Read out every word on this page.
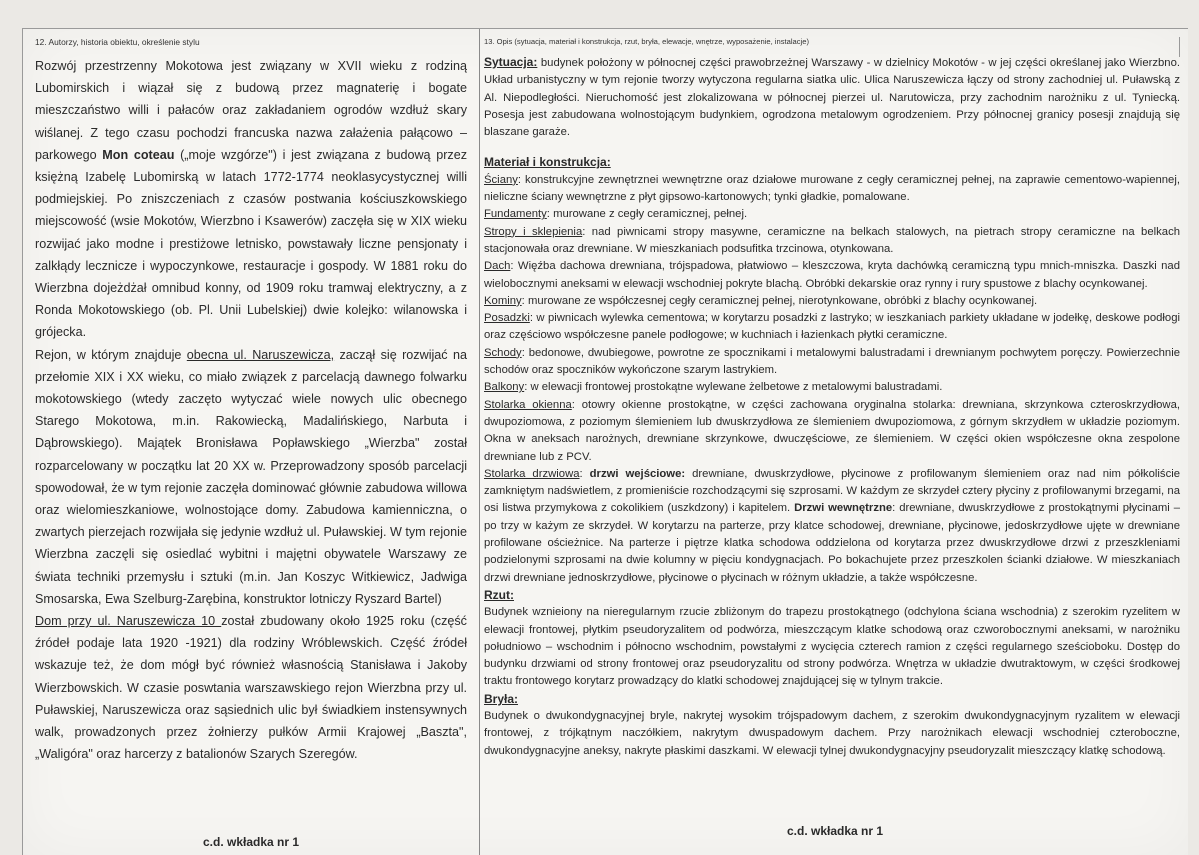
12. Autorzy, historia obiektu, określenie stylu

Rozwój przestrzenny Mokotowa jest związany w XVII wieku z rodziną Lubomirskich i wiązał się z budową przez magnaterię i bogate mieszczaństwo willi i pałaców oraz zakładaniem ogrodów wzdłuż skary wiślanej. Z tego czasu pochodzi francuska nazwa załażenia pałącowo – parkowego Mon coteau („moje wzgórze") i jest związana z budową przez księżną Izabelę Lubomirską w latach 1772-1774 neoklasycystycznej willi podmiejskiej. Po zniszczeniach z czasów postwania kościuszkowskiego miejscowość (wsie Mokotów, Wierzbno i Ksawerów) zaczęła się w XIX wieku rozwijać jako modne i prestiżowe letnisko, powstawały liczne pensjonaty i zalkłądy lecznicze i wypoczynkowe, restauracje i gospody. W 1881 roku do Wierzbna dojeżdżał omnibud konny, od 1909 roku tramwaj elektryczny, a z Ronda Mokotowskiego (ob. Pl. Unii Lubelskiej) dwie kolejko: wilanowska i grójecka.

Rejon, w którym znajduje obecna ul. Naruszewicza, zaczął się rozwijać na przełomie XIX i XX wieku, co miało związek z parcelacją dawnego folwarku mokotowskiego (wtedy zaczęto wytyczać wiele nowych ulic obecnego Starego Mokotowa, m.in. Rakowiecką, Madalińskiego, Narbuta i Dąbrowskiego). Majątek Bronisława Popławskiego „Wierzba" został rozparcelowany w początku lat 20 XX w. Przeprowadzony sposób parcelacji spowodował, że w tym rejonie zaczęła dominować głównie zabudowa willowa oraz wielomieszkaniowe, wolnostojące domy. Zabudowa kamienniczna, o zwartych pierzejach rozwijała się jedynie wzdłuż ul. Puławskiej. W tym rejonie Wierzbna zaczęli się osiedlać wybitni i majętni obywatele Warszawy ze świata techniki przemysłu i sztuki (m.in. Jan Koszyc Witkiewicz, Jadwiga Smosarska, Ewa Szelburg-Zarębina, konstruktor lotniczy Ryszard Bartel)

Dom przy ul. Naruszewicza 10 został zbudowany około 1925 roku (część źródeł podaje lata 1920 -1921) dla rodziny Wróblewskich. Część źródeł wskazuje też, że dom mógł być również własnością Stanisława i Jakoby Wierzbowskich. W czasie poswtania warszawskiego rejon Wierzbna przy ul. Puławskiej, Naruszewicza oraz sąsiednich ulic był świadkiem instensywnych walk, prowadzonych przez żołnierzy pułków Armii Krajowej „Baszta", „Waligóra" oraz harcerzy z batalionów Szarych Szeregów.

c.d. wkładka nr 1
13. Opis (sytuacja, materiał i konstrukcja, rzut, bryła, elewacje, wnętrze, wyposażenie, instalacje)

Sytuacja: budynek położony w północnej części prawobrzeżnej Warszawy - w dzielnicy Mokotów - w jej części określanej jako Wierzbno. Układ urbanistyczny w tym rejonie tworzy wytyczona regularna siatka ulic. Ulica Naruszewicza łączy od strony zachodniej ul. Puławską z Al. Niepodległości. Nieruchomość jest zlokalizowana w północnej pierzei ul. Narutowicza, przy zachodnim narożniku z ul. Tyniecką. Posesja jest zabudowana wolnostojącym budynkiem, ogrodzona metalowym ogrodzeniem. Przy północnej granicy posesji znajdują się blaszane garaże.

Materiał i konstrukcja:

Ściany: konstrukcyjne zewnętrznei wewnętrzne oraz działowe murowane z cegły ceramicznej pełnej, na zaprawie cementowo-wapiennej, nieliczne ściany wewnętrzne z płyt gipsowo-kartonowych; tynki gładkie, pomalowane.

Fundamenty: murowane z cegły ceramicznej, pełnej.

Stropy i sklepienia: nad piwnicami stropy masywne, ceramiczne na belkach stalowych, na pietrach stropy ceramiczne na belkach stacjonowała oraz drewniane. W mieszkaniach podsufitka trzcinowa, otynkowana.

Dach: Więźba dachowa drewniana, trójspadowa, płatwiowo – kleszczowa, kryta dachówką ceramiczną typu mnich-mniszka. Daszki nad wielobocznymi aneksami w elewacji wschodniej pokryte blachą. Obróbki dekarskie oraz rynny i rury spustowe z blachy ocynkowanej.

Kominy: murowane ze współczesnej cegły ceramicznej pełnej, nierotynkowane, obróbki z blachy ocynkowanej.

Posadzki: w piwnicach wylewka cementowa; w korytarzu posadzki z lastryko; w ieszkaniach parkiety układane w jodełkę, deskowe podłogi oraz częściowo współczesne panele podłogowe; w kuchniach i łazienkach płytki ceramiczne.

Schody: bedonowe, dwubiegowe, powrotne ze spocznikami i metalowymi balustradami i drewnianym pochwytem poręczy. Powierzechnie schodów oraz spoczników wykończone szarym lastrykiem.

Balkony: w elewacji frontowej prostokątne wylewane żelbetowe z metalowymi balustradami.

Stolarka okienna: otowry okienne prostokątne, w części zachowana oryginalna stolarka: drewniana, skrzynkowa czteroskrzydłowa, dwupoziomowa, z poziomym ślemieniem lub dwuskrzydłowa ze ślemieniem dwupoziomowa, z górnym skrzydłem w układzie poziomym. Okna w aneksach narożnych, drewniane skrzynkowe, dwuczęściowe, ze ślemieniem. W części okien współczesne okna zespolone drewniane lub z PCV.

Stolarka drzwiowa: drzwi wejściowe: drewniane, dwuskrzydłowe, płycinowe z profilowanym ślemieniem oraz nad nim półkoliście zamkniętym nadświetlem, z promieniście rozchodzącymi się szprosami. W każdym ze skrzydeł cztery płyciny z profilowanymi brzegami, na osi listwa przymykowa z cokolikiem (uszkdzony) i kapitelem. Drzwi wewnętrzne: drewniane, dwuskrzydłowe z prostokątnymi płycinami – po trzy w każym ze skrzydeł. W korytarzu na parterze, przy klatce schodowej, drewniane, płycinowe, jedoskrzydłowe ujęte w drewniane profilowane ościeżnice. Na parterze i piętrze klatka schodowa oddzielona od korytarza przez dwuskrzydłowe drzwi z przeszkleniami podzielonymi szprosami na dwie kolumny w pięciu kondygnacjach. Po bokachujete przez przeszkolen ścianki działowe. W mieszkaniach drzwi drewniane jednoskrzydłowe, płycinowe o płycinach w różnym układzie, a także współczesne.

Rzut:

Budynek wznieiony na nieregularnym rzucie zbliżonym do trapezu prostokątnego (odchylona ściana wschodnia) z szerokim ryzelitem w elewacji frontowej, płytkim pseudoryzalitem od podwórza, mieszczącym klatke schodową oraz czworobocznymi aneksami, w narożniku południowo – wschodnim i północno wschodnim, powstałymi z wycięcia czterech ramion z części regularnego sześcioboku. Dostęp do budynku drzwiami od strony frontowej oraz pseudoryzalitu od strony podwórza. Wnętrza w układzie dwutraktowym, w części środkowej traktu frontowego korytarz prowadzący do klatki schodowej znajdującej się w tylnym trakcie.

Bryła:

Budynek o dwukondygnacyjnej bryle, nakrytej wysokim trójspadowym dachem, z szerokim dwukondygnacyjnym ryzalitem w elewacji frontowej, z trójkątnym naczółkiem, nakrytym dwuspadowym dachem. Przy narożnikach elewacji wschodniej czteroboczne, dwukondygnacyjne aneksy, nakryte płaskimi daszkami. W elewacji tylnej dwukondygnacyjny pseudoryzalit mieszczący klatkę schodową.

c.d. wkładka nr 1
